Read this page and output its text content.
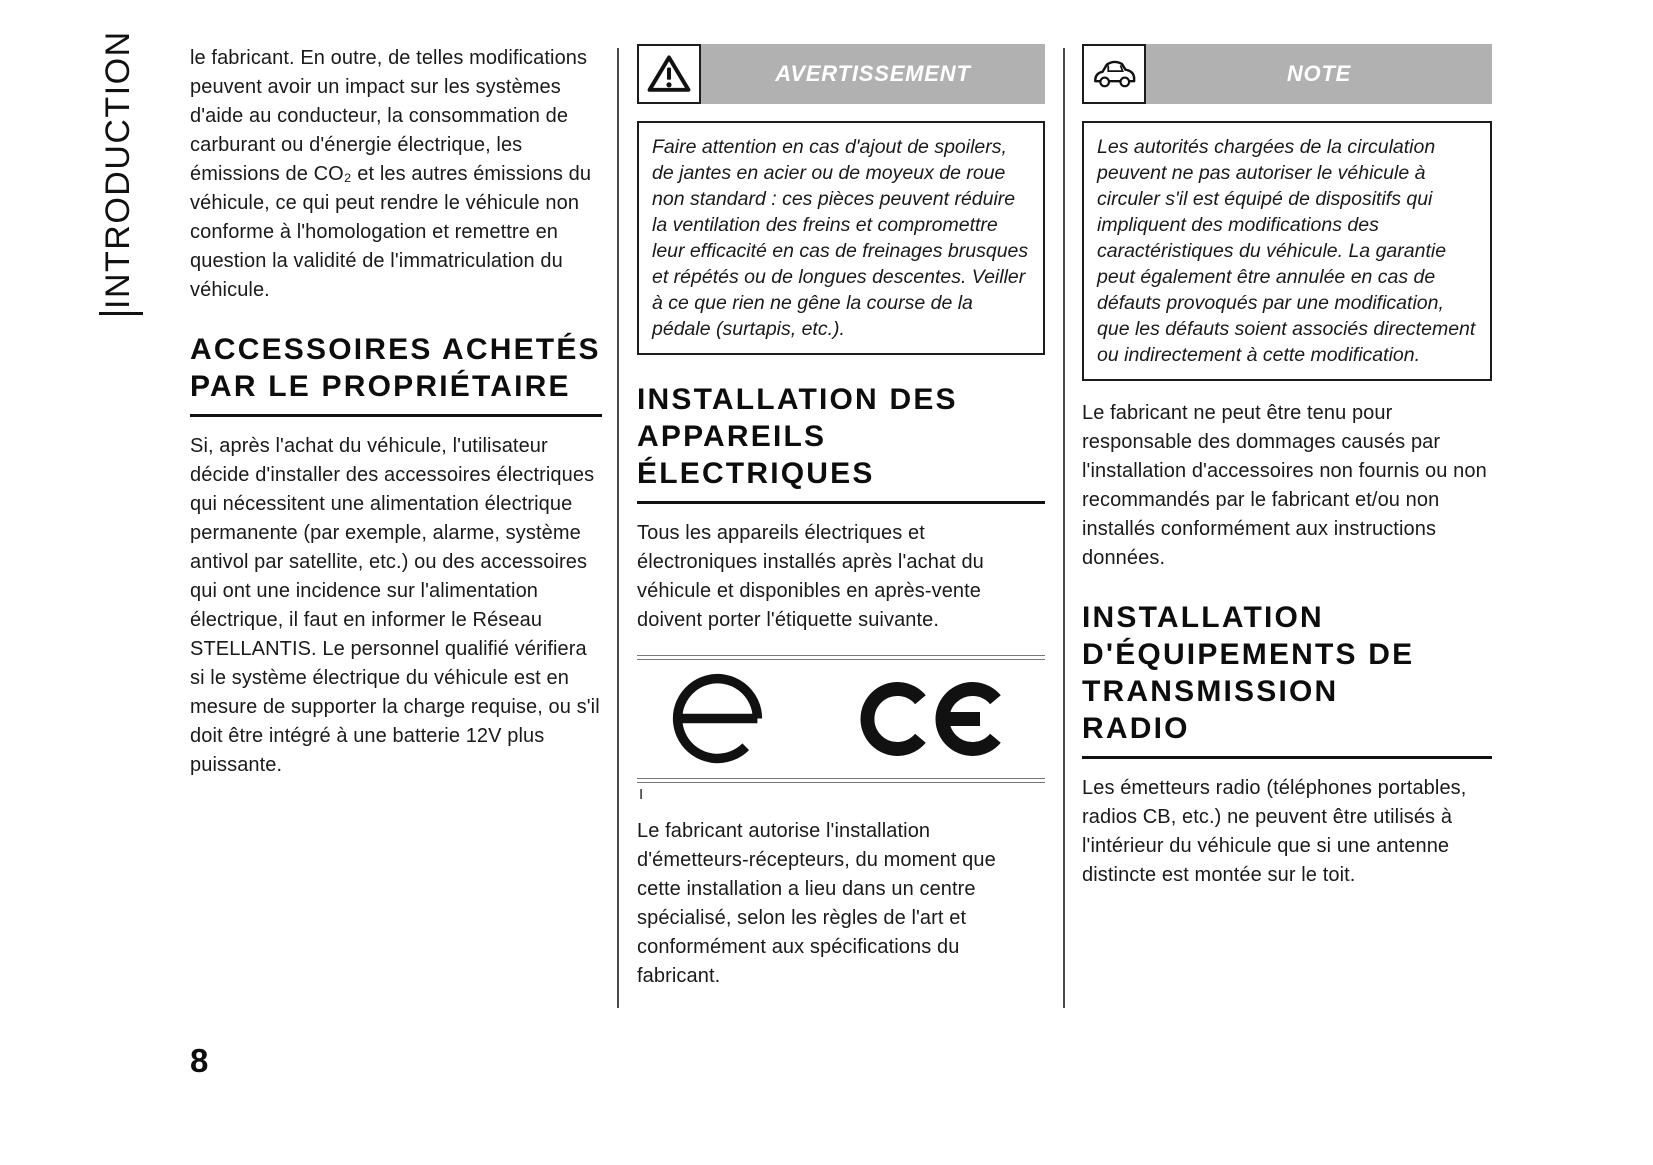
INTRODUCTION	le fabricant. En outre, de telles modifications peuvent avoir un impact sur les systèmes d'aide au conducteur, la consommation de carburant ou d'énergie électrique, les émissions de CO₂ et les autres émissions du véhicule, ce qui peut rendre le véhicule non conforme à l'homologation et remettre en question la validité de l'immatriculation du véhicule.

ACCESSOIRES ACHETÉS PAR LE PROPRIÉTAIRE

Si, après l'achat du véhicule, l'utilisateur décide d'installer des accessoires électriques qui nécessitent une alimentation électrique permanente (par exemple, alarme, système antivol par satellite, etc.) ou des accessoires qui ont une incidence sur l'alimentation électrique, il faut en informer le Réseau STELLANTIS. Le personnel qualifié vérifiera si le système électrique du véhicule est en mesure de supporter la charge requise, ou s'il doit être intégré à une batterie 12V plus puissante.

AVERTISSEMENT
Faire attention en cas d'ajout de spoilers, de jantes en acier ou de moyeux de roue non standard : ces pièces peuvent réduire la ventilation des freins et compromettre leur efficacité en cas de freinages brusques et répétés ou de longues descentes. Veiller à ce que rien ne gêne la course de la pédale (surtapis, etc.).
INSTALLATION DES APPAREILS ÉLECTRIQUES

Tous les appareils électriques et électroniques installés après l'achat du véhicule et disponibles en après-vente doivent porter l'étiquette suivante.

I

Le fabricant autorise l'installation d'émetteurs-récepteurs, du moment que cette installation a lieu dans un centre spécialisé, selon les règles de l'art et conformément aux spécifications du fabricant.

NOTE
Les autorités chargées de la circulation peuvent ne pas autoriser le véhicule à circuler s'il est équipé de dispositifs qui impliquent des modifications des caractéristiques du véhicule. La garantie peut également être annulée en cas de défauts provoqués par une modification, que les défauts soient associés directement ou indirectement à cette modification.

Le fabricant ne peut être tenu pour responsable des dommages causés par l'installation d'accessoires non fournis ou non recommandés par le fabricant et/ou non installés conformément aux instructions données.

INSTALLATION D'ÉQUIPEMENTS DE TRANSMISSION RADIO

Les émetteurs radio (téléphones portables, radios CB, etc.) ne peuvent être utilisés à l'intérieur du véhicule que si une antenne distincte est montée sur le toit.

8
